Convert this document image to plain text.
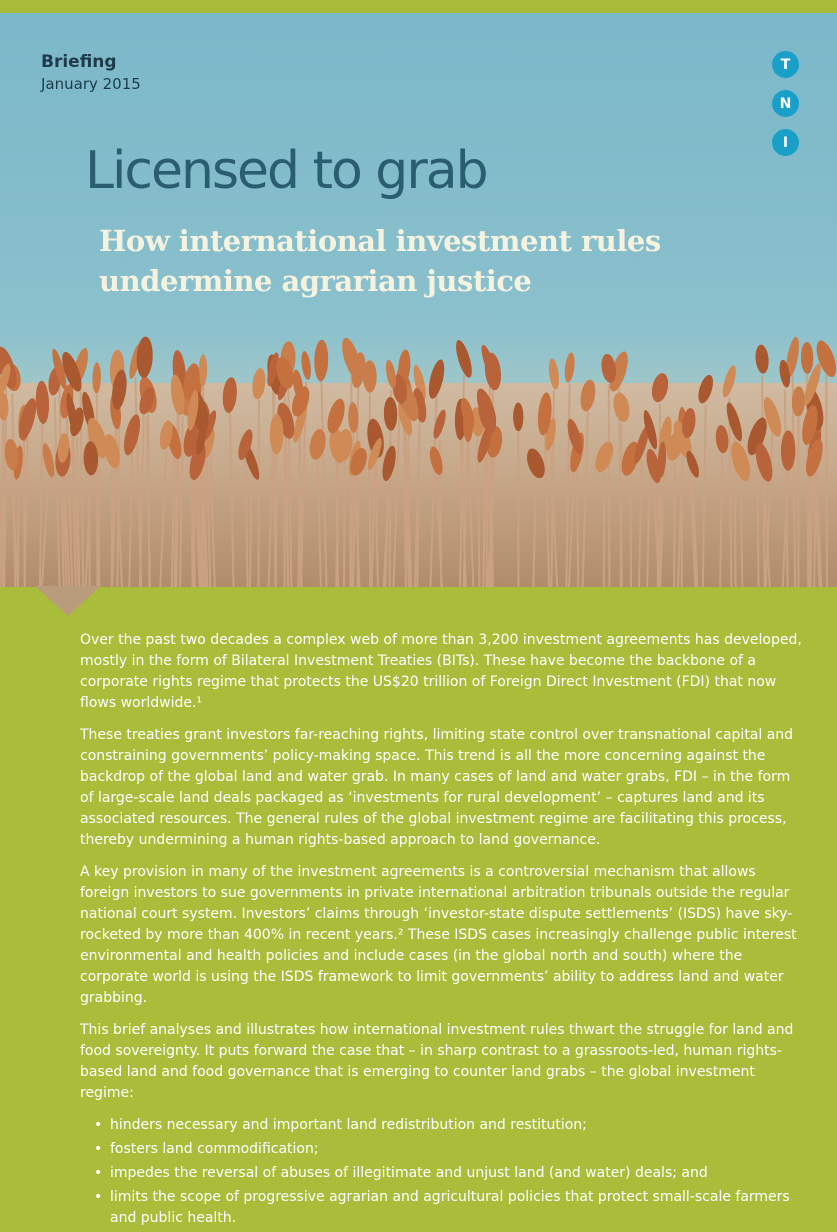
Briefing
January 2015
T
N
I
Licensed to grab
How international investment rules
undermine agrarian justice

Over the past two decades a complex web of more than 3,200 investment agreements has developed, mostly in the form of Bilateral Investment Treaties (BITs). These have become the backbone of a corporate rights regime that protects the US$20 trillion of Foreign Direct Investment (FDI) that now flows worldwide.¹

These treaties grant investors far-reaching rights, limiting state control over transnational capital and constraining governments’ policy-making space. This trend is all the more concerning against the backdrop of the global land and water grab. In many cases of land and water grabs, FDI – in the form of large-scale land deals packaged as ‘investments for rural development’ – captures land and its associated resources. The general rules of the global investment regime are facilitating this process, thereby undermining a human rights-based approach to land governance.

A key provision in many of the investment agreements is a controversial mechanism that allows foreign investors to sue governments in private international arbitration tribunals outside the regular national court system. Investors’ claims through ‘investor-state dispute settlements’ (ISDS) have sky-rocketed by more than 400% in recent years.² These ISDS cases increasingly challenge public interest environmental and health policies and include cases (in the global north and south) where the corporate world is using the ISDS framework to limit governments’ ability to address land and water grabbing.

This brief analyses and illustrates how international investment rules thwart the struggle for land and food sovereignty. It puts forward the case that – in sharp contrast to a grassroots-led, human rights-based land and food governance that is emerging to counter land grabs – the global investment regime:

• hinders necessary and important land redistribution and restitution;
• fosters land commodification;
• impedes the reversal of abuses of illegitimate and unjust land (and water) deals; and
• limits the scope of progressive agrarian and agricultural policies that protect small-scale farmers and public health.
